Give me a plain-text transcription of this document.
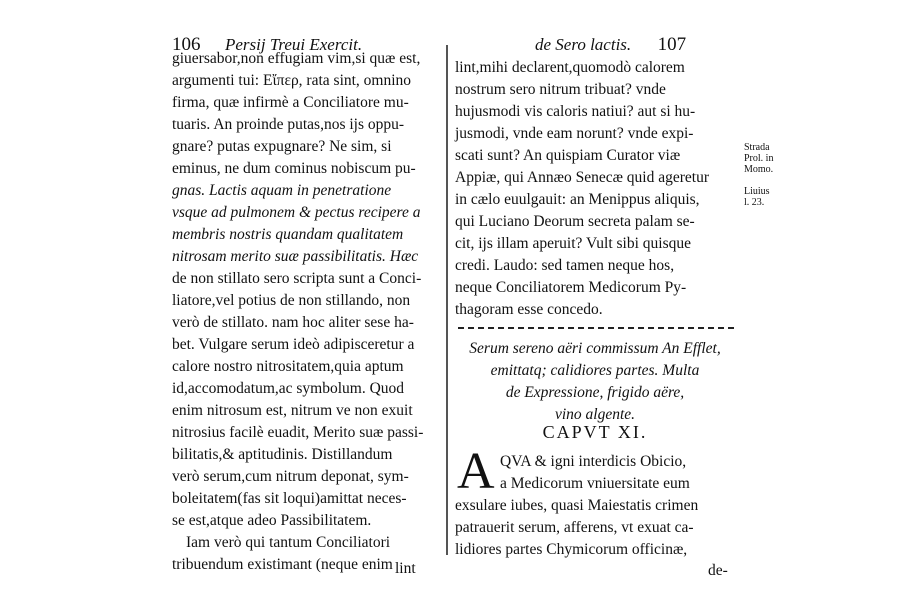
106 Persij Treui Exercit.
giuersabor,non effugiam vim,si quæ est,
argumenti tui: Eἴπερ, rata sint, omnino
firma, quæ infirmè a Conciliatore mu-
tuaris. An proinde putas,nos ijs oppu-
gnare? putas expugnare? Ne sim, si
eminus, ne dum cominus nobiscum pu-
gnas. Lactis aquam in penetratione
vsque ad pulmonem & pectus recipere a
membris nostris quandam qualitatem
nitrosam merito suæ passibilitatis. Hæc
de non stillato sero scripta sunt a Conci-
liatore,vel potius de non stillando, non
verò de stillato. nam hoc aliter sese ha-
bet. Vulgare serum ideò adipisceretur a
calore nostro nitrositatem,quia aptum
id,accomodatum,ac symbolum. Quod
enim nitrosum est, nitrum ve non exuit
nitrosius facilè euadit, Merito suæ passi-
bilitatis,& aptitudinis. Distillandum
verò serum,cum nitrum deponat, sym-
boleitatem(fas sit loqui)amittat neces-
se est,atque adeo Passibilitatem.
Iam verò qui tantum Conciliatori
tribuendum existimant (neque enim lint
de Sero lactis. 107
lint,mihi declarent,quomodò calorem
nostrum sero nitrum tribuat? vnde
hujusmodi vis caloris natiui? aut si hu-
jusmodi, vnde eam norunt? vnde expi-
scati sunt? An quispiam Curator viæ
Appiæ, qui Annæo Senecæ quid ageretur
in cælo euulgauit: an Menippus aliquis,
qui Luciano Deorum secreta palam se-
cit, ijs illam aperuit? Vult sibi quisque
credi. Laudo: sed tamen neque hos,
neque Conciliatorem Medicorum Py-
thagoram esse concedo.
Strada
Prol. in
Momo.
Liuius
l. 23.
Serum sereno aëri commissum An Efflet,
emittatq; calidiores partes. Multa
de Expressione, frigido aëre,
vino algente.
CAPVT XI.
A QVA & igni interdicis Obicio,
a Medicorum vniuersitate eum
exsulare iubes, quasi Maiestatis crimen
patrauerit serum, afferens, vt exuat ca-
lidiores partes Chymicorum officinæ,
de-
